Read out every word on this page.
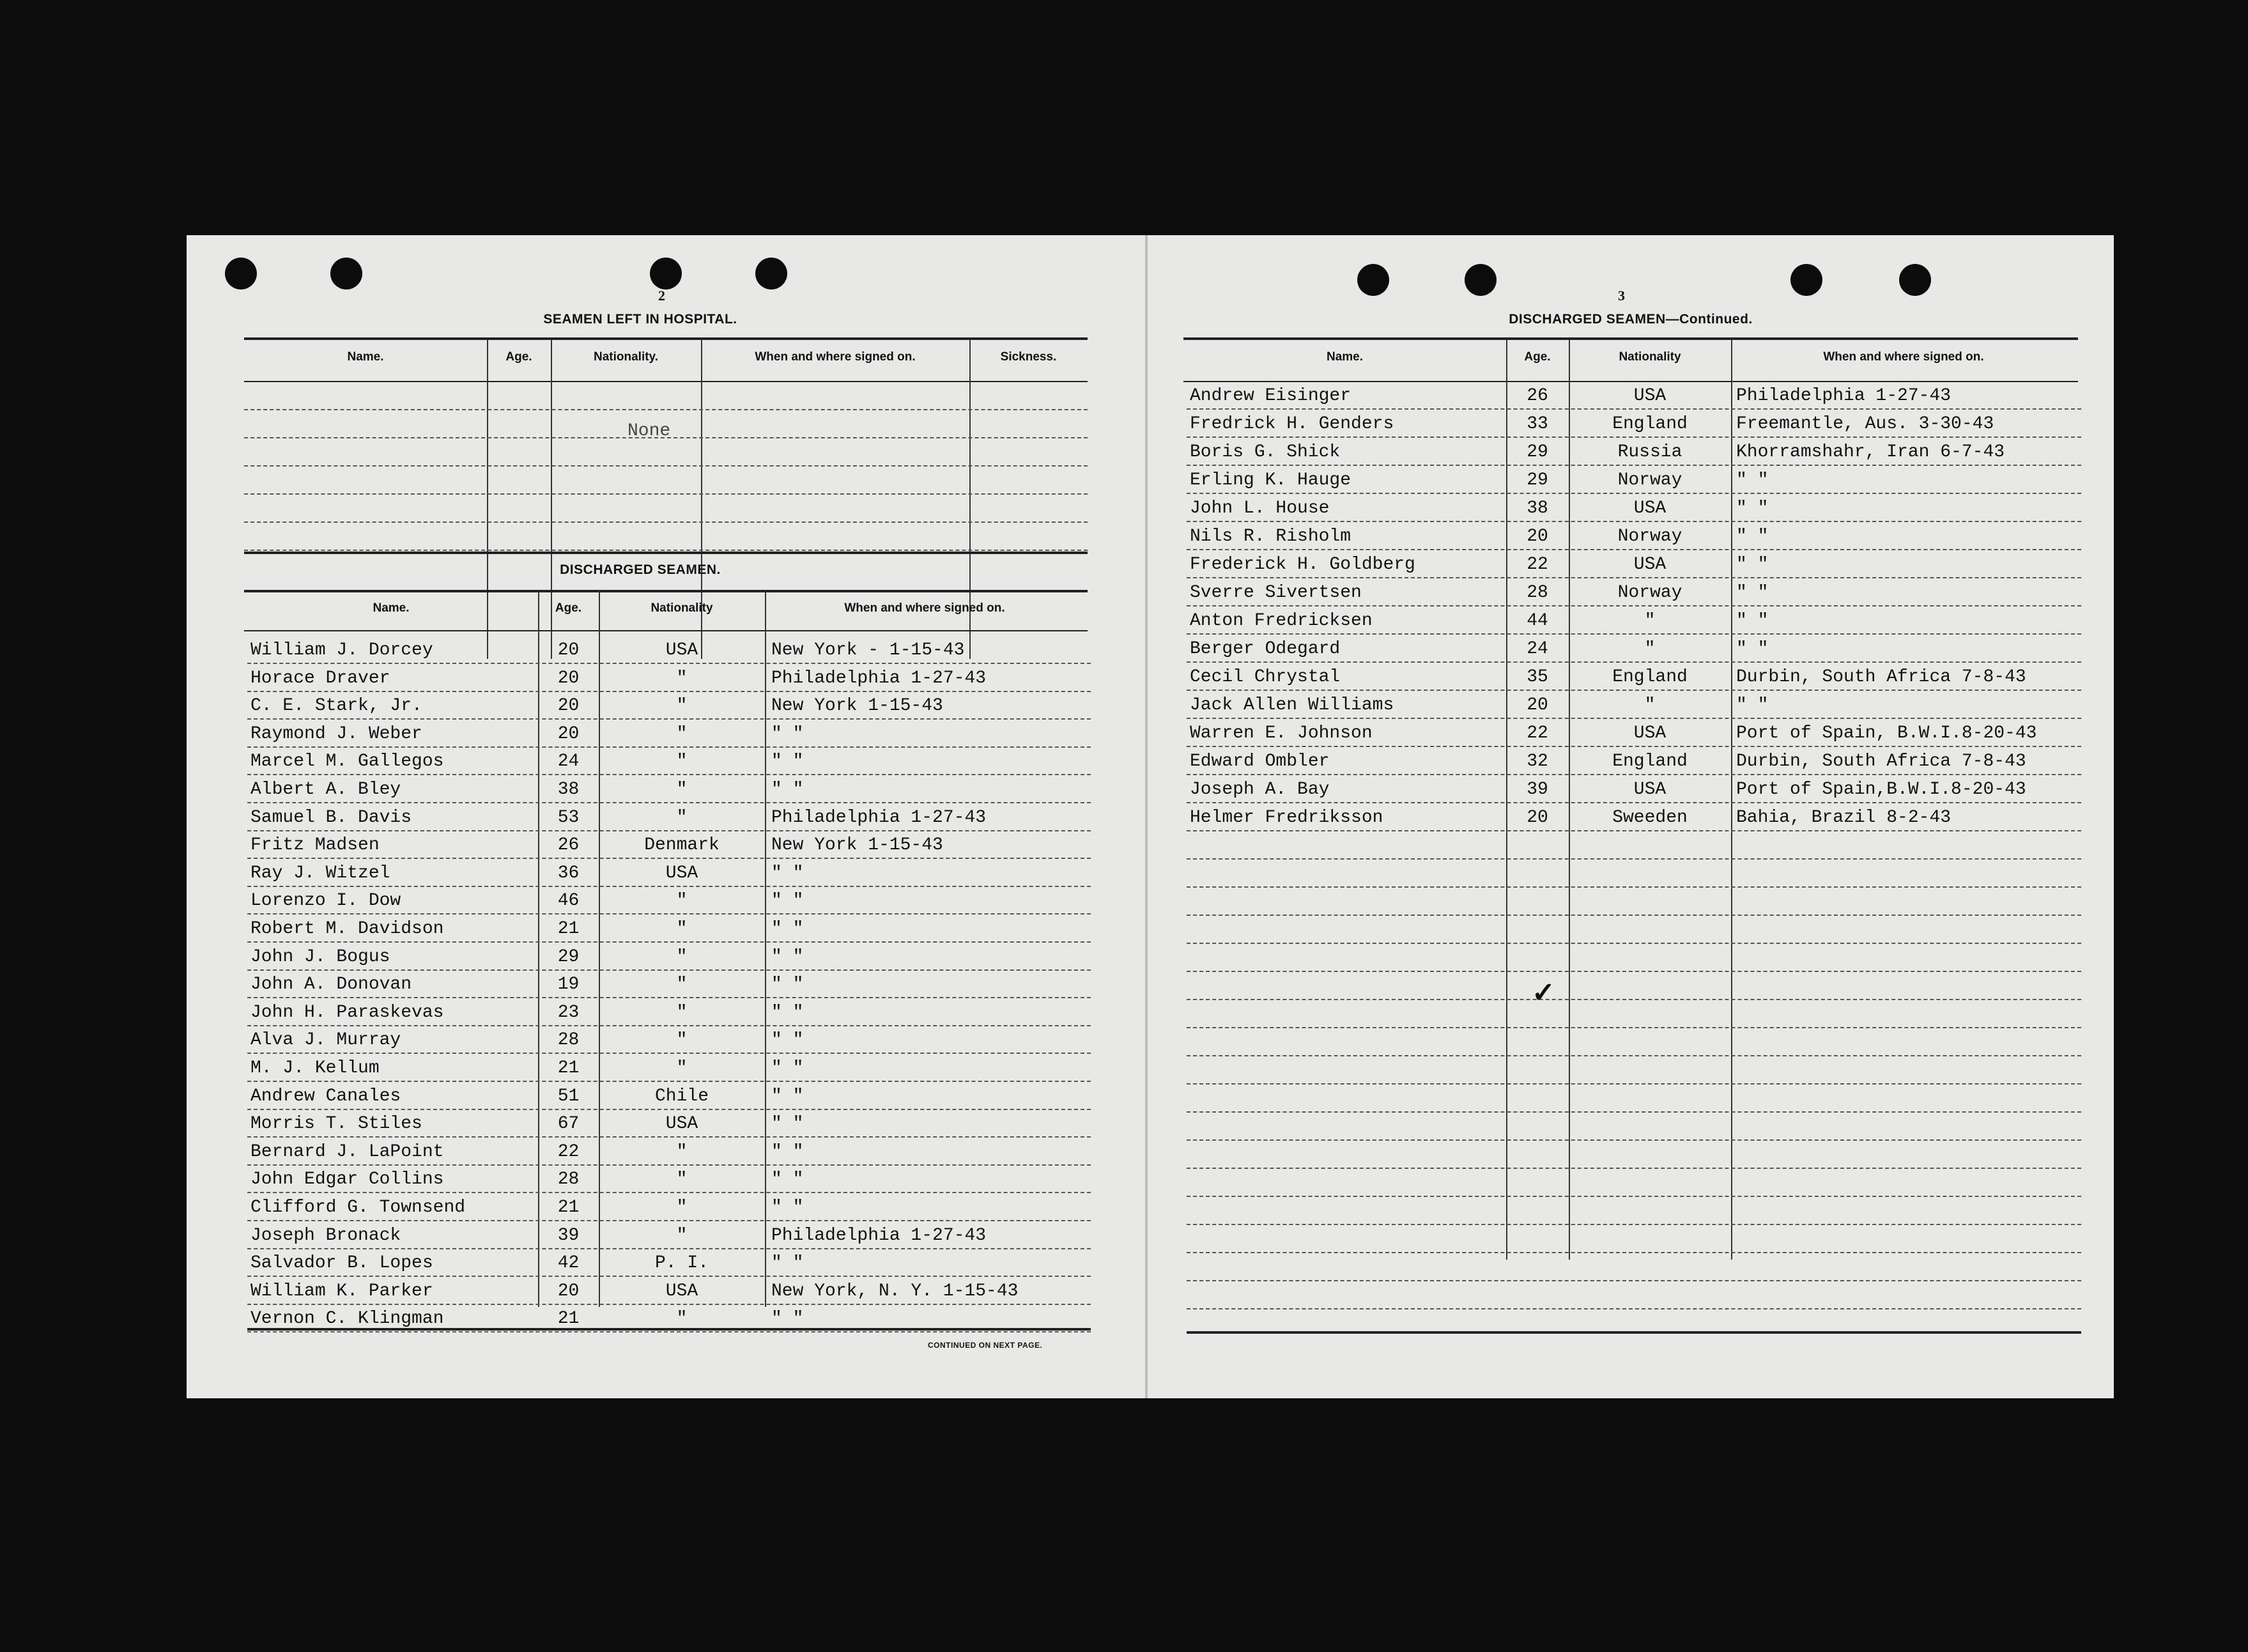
2
SEAMEN LEFT IN HOSPITAL.
Name.	Age.	Nationality.	When and where signed on.	Sickness.
None
DISCHARGED SEAMEN.
Name.	Age.	Nationality	When and where signed on.
William J. Dorcey	20	USA	New York - 1-15-43
Horace Draver	20	"	Philadelphia 1-27-43
C. E. Stark, Jr.	20	"	New York 1-15-43
Raymond J. Weber	20	"	" "
Marcel M. Gallegos	24	"	" "
Albert A. Bley	38	"	" "
Samuel B. Davis	53	"	Philadelphia 1-27-43
Fritz Madsen	26	Denmark	New York 1-15-43
Ray J. Witzel	36	USA	" "
Lorenzo I. Dow	46	"	" "
Robert M. Davidson	21	"	" "
John J. Bogus	29	"	" "
John A. Donovan	19	"	" "
John H. Paraskevas	23	"	" "
Alva J. Murray	28	"	" "
M. J. Kellum	21	"	" "
Andrew Canales	51	Chile	" "
Morris T. Stiles	67	USA	" "
Bernard J. LaPoint	22	"	" "
John Edgar Collins	28	"	" "
Clifford G. Townsend	21	"	" "
Joseph Bronack	39	"	Philadelphia 1-27-43
Salvador B. Lopes	42	P. I.	" "
William K. Parker	20	USA	New York, N. Y. 1-15-43
Vernon C. Klingman	21	"	" "
CONTINUED ON NEXT PAGE.
3
DISCHARGED SEAMEN—Continued.
Name.	Age.	Nationality	When and where signed on.
Andrew Eisinger	26	USA	Philadelphia 1-27-43
Fredrick H. Genders	33	England	Freemantle, Aus. 3-30-43
Boris G. Shick	29	Russia	Khorramshahr, Iran 6-7-43
Erling K. Hauge	29	Norway	" "
John L. House	38	USA	" "
Nils R. Risholm	20	Norway	" "
Frederick H. Goldberg	22	USA	" "
Sverre Sivertsen	28	Norway	" "
Anton Fredricksen	44	"	" "
Berger Odegard	24	"	" "
Cecil Chrystal	35	England	Durbin, South Africa 7-8-43
Jack Allen Williams	20	"	" "
Warren E. Johnson	22	USA	Port of Spain, B.W.I.8-20-43
Edward Ombler	32	England	Durbin, South Africa 7-8-43
Joseph A. Bay	39	USA	Port of Spain,B.W.I.8-20-43
Helmer Fredriksson	20	Sweeden	Bahia, Brazil 8-2-43
✓
